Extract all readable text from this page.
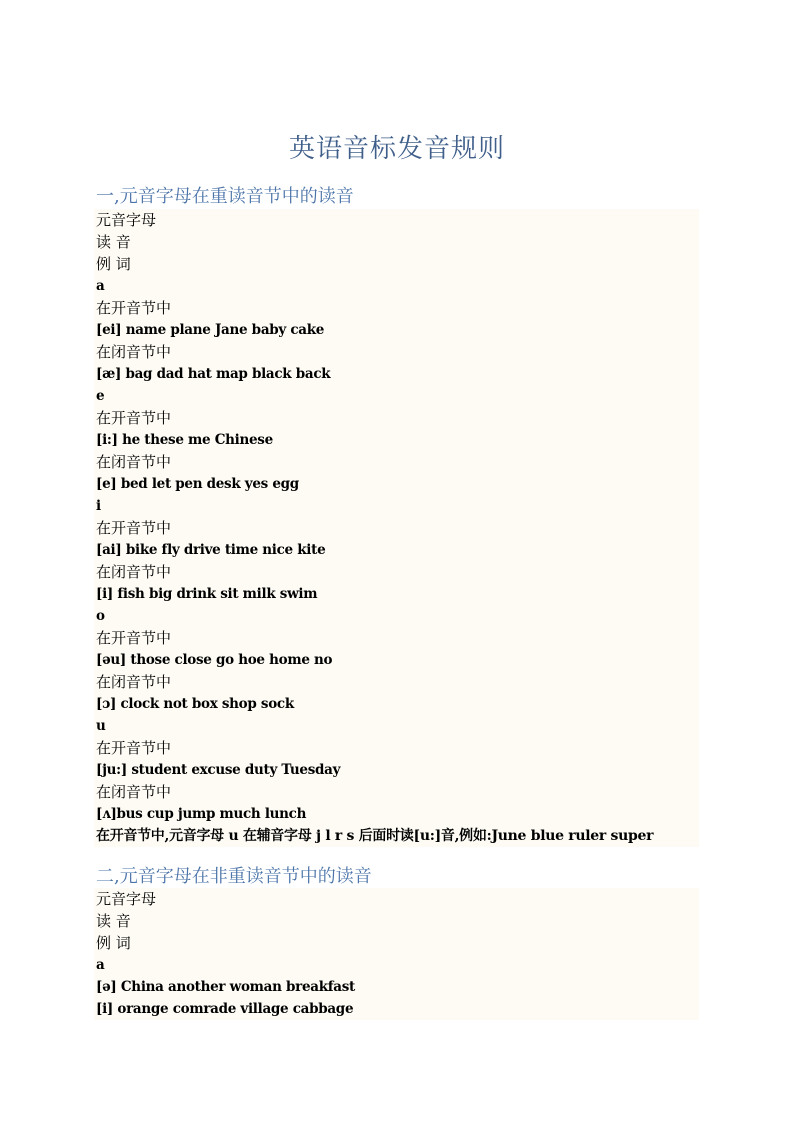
英语音标发音规则
一,元音字母在重读音节中的读音
元音字母
读 音
例 词
a
在开音节中
[ei] name plane Jane baby cake
在闭音节中
[æ] bag dad hat map black back
e
在开音节中
[i:] he these me Chinese
在闭音节中
[e] bed let pen desk yes egg
i
在开音节中
[ai] bike fly drive time nice kite
在闭音节中
[i] fish big drink sit milk swim
o
在开音节中
[əu] those close go hoe home no
在闭音节中
[ɔ] clock not box shop sock
u
在开音节中
[ju:] student excuse duty Tuesday
在闭音节中
[ʌ]bus cup jump much lunch
在开音节中,元音字母 u 在辅音字母 j l r s 后面时读[u:]音,例如:June blue ruler super
二,元音字母在非重读音节中的读音
元音字母
读 音
例 词
a
[ə] China another woman breakfast
[i] orange comrade village cabbage
